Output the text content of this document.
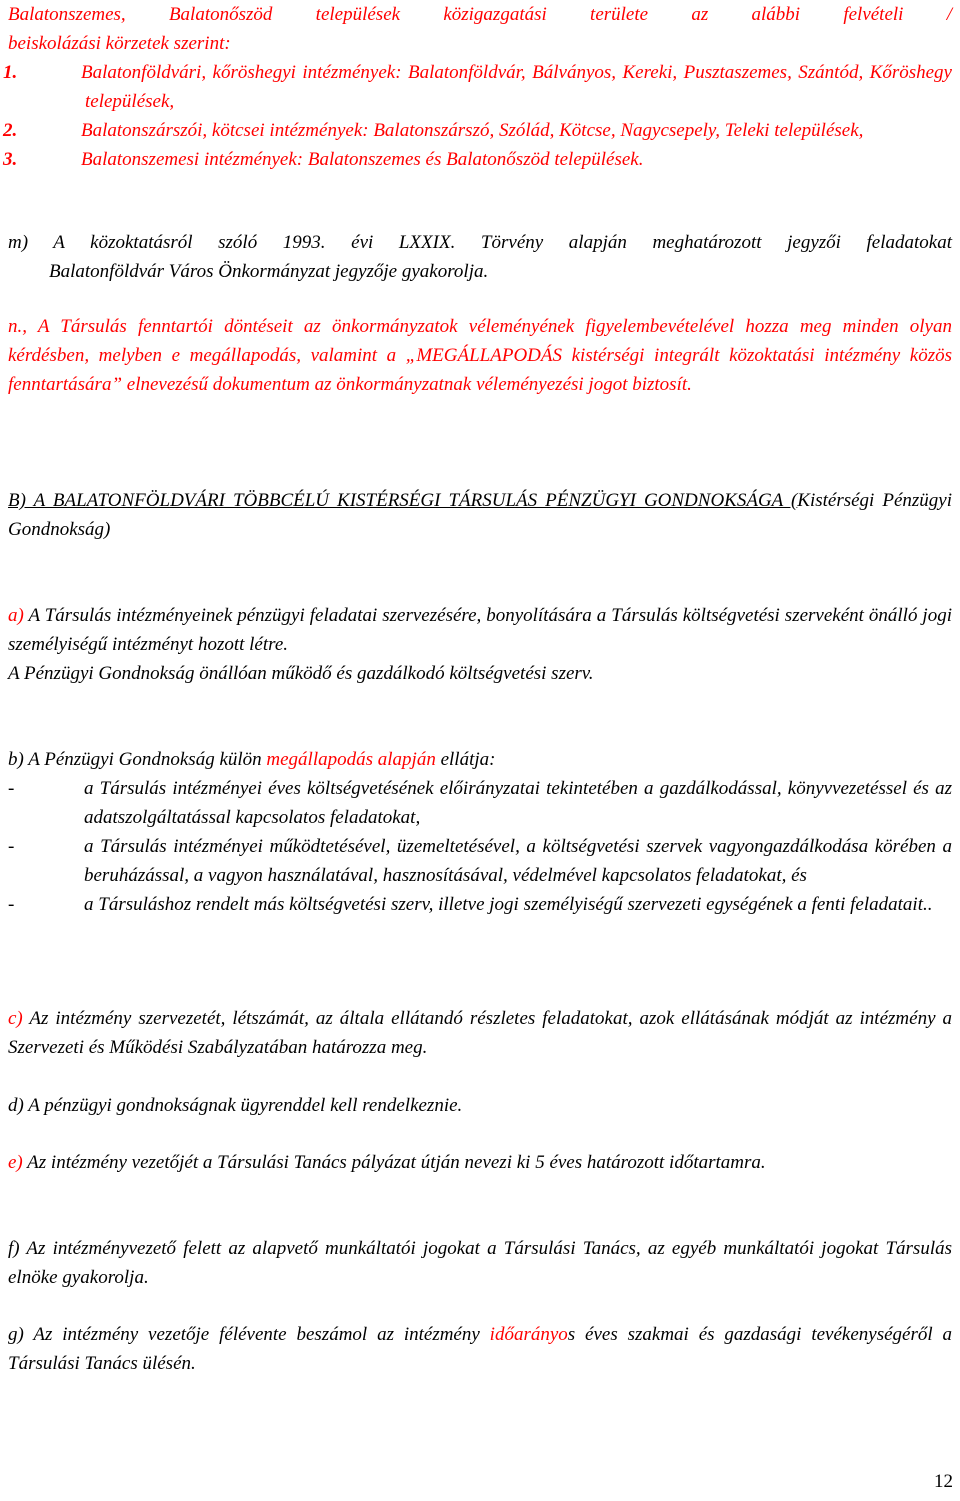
Balatonszemes, Balatonőszöd települések közigazgatási területe az alábbi felvételi /

beiskolázási körzetek szerint:

1.	Balatonföldvári, kőröshegyi intézmények: Balatonföldvár, Bálványos, Kereki, Pusztaszemes, Szántód, Kőröshegy települések,

2.	Balatonszárszói, kötcsei intézmények: Balatonszárszó, Szólád, Kötcse, Nagycsepely, Teleki települések,

3.	Balatonszemesi intézmények: Balatonszemes és Balatonőszöd települések.

m) A közoktatásról szóló 1993. évi LXXIX. Törvény alapján meghatározott jegyzői feladatokat

Balatonföldvár Város Önkormányzat jegyzője gyakorolja.

n., A Társulás fenntartói döntéseit az önkormányzatok véleményének figyelembevételével hozza meg minden olyan kérdésben, melyben e megállapodás, valamint a „MEGÁLLAPODÁS kistérségi integrált közoktatási intézmény közös fenntartására” elnevezésű dokumentum az önkormányzatnak véleményezési jogot biztosít.

B) A BALATONFÖLDVÁRI TÖBBCÉLÚ KISTÉRSÉGI TÁRSULÁS PÉNZÜGYI GONDNOKSÁGA (Kistérségi Pénzügyi Gondnokság)

a) A Társulás intézményeinek pénzügyi feladatai szervezésére, bonyolítására a Társulás költségvetési szerveként önálló jogi személyiségű intézményt hozott létre.

A Pénzügyi Gondnokság önállóan működő és gazdálkodó költségvetési szerv.

b) A Pénzügyi Gondnokság külön megállapodás alapján ellátja:

-	a Társulás intézményei éves költségvetésének előirányzatai tekintetében a gazdálkodással, könyvvezetéssel és az adatszolgáltatással kapcsolatos feladatokat,

-	a Társulás intézményei működtetésével, üzemeltetésével, a költségvetési szervek vagyongazdálkodása körében a beruházással, a vagyon használatával, hasznosításával, védelmével kapcsolatos feladatokat, és

-	a Társuláshoz rendelt más költségvetési szerv, illetve jogi személyiségű szervezeti egységének a fenti feladatait..

c) Az intézmény szervezetét, létszámát, az általa ellátandó részletes feladatokat, azok ellátásának módját az intézmény a Szervezeti és Működési Szabályzatában határozza meg.

d) A pénzügyi gondnokságnak ügyrenddel kell rendelkeznie.

e) Az intézmény vezetőjét a Társulási Tanács pályázat útján nevezi ki 5 éves határozott időtartamra.

f) Az intézményvezető felett az alapvető munkáltatói jogokat a Társulási Tanács, az egyéb munkáltatói jogokat Társulás elnöke gyakorolja.

g) Az intézmény vezetője félévente beszámol az intézmény időarányos éves szakmai és gazdasági tevékenységéről a Társulási Tanács ülésén.

12
